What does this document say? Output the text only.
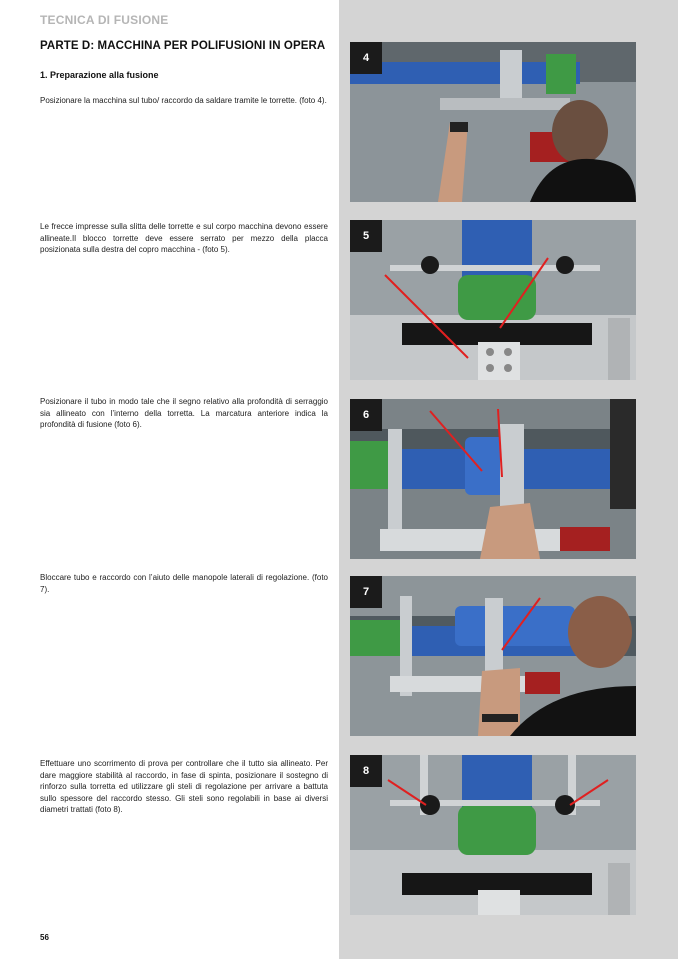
TECNICA DI FUSIONE
PARTE D: MACCHINA PER POLIFUSIONI IN OPERA
1. Preparazione alla fusione
Posizionare la macchina sul tubo/ raccordo da saldare tramite le torrette. (foto 4).
Le frecce impresse sulla slitta delle torrette e sul corpo macchina devono essere allineate.Il blocco torrette deve essere serrato per mezzo della placca posizionata sulla destra del copro macchina - (foto 5).
Posizionare il tubo in modo tale che il segno relativo alla profondità di serraggio sia allineato con l’interno della torretta. La marcatura anteriore indica la profondità di fusione (foto 6).
Bloccare tubo e raccordo con l’aiuto delle manopole laterali di regolazione. (foto 7).
Effettuare uno scorrimento di prova per controllare che il tutto sia allineato. Per dare maggiore stabilità al raccordo, in fase di spinta, posizionare il sostegno di rinforzo sulla torretta ed utilizzare gli steli di regolazione per arrivare a battuta sullo spessore del raccordo stesso. Gli steli sono regolabili in base ai diversi diametri trattati (foto 8).
4
5
6
7
8
56
